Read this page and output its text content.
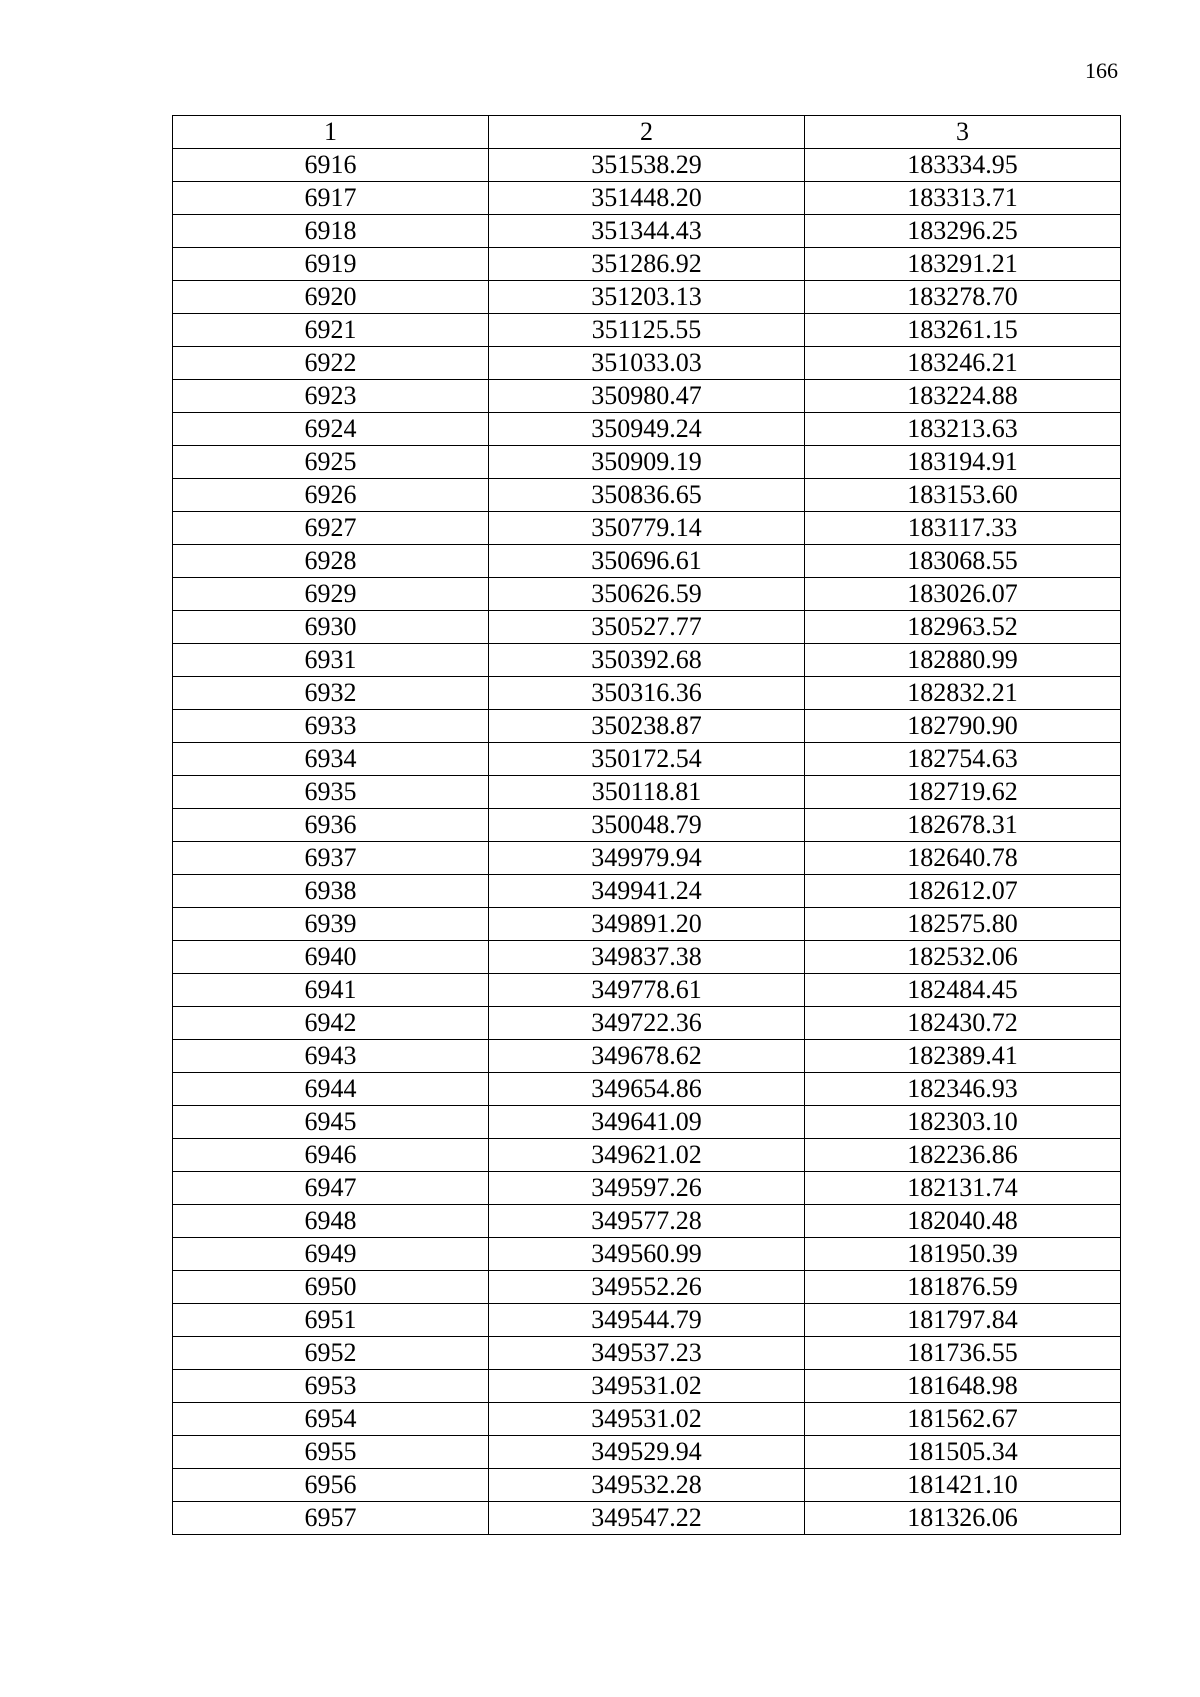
166
1	2	3
6916	351538.29	183334.95
6917	351448.20	183313.71
6918	351344.43	183296.25
6919	351286.92	183291.21
6920	351203.13	183278.70
6921	351125.55	183261.15
6922	351033.03	183246.21
6923	350980.47	183224.88
6924	350949.24	183213.63
6925	350909.19	183194.91
6926	350836.65	183153.60
6927	350779.14	183117.33
6928	350696.61	183068.55
6929	350626.59	183026.07
6930	350527.77	182963.52
6931	350392.68	182880.99
6932	350316.36	182832.21
6933	350238.87	182790.90
6934	350172.54	182754.63
6935	350118.81	182719.62
6936	350048.79	182678.31
6937	349979.94	182640.78
6938	349941.24	182612.07
6939	349891.20	182575.80
6940	349837.38	182532.06
6941	349778.61	182484.45
6942	349722.36	182430.72
6943	349678.62	182389.41
6944	349654.86	182346.93
6945	349641.09	182303.10
6946	349621.02	182236.86
6947	349597.26	182131.74
6948	349577.28	182040.48
6949	349560.99	181950.39
6950	349552.26	181876.59
6951	349544.79	181797.84
6952	349537.23	181736.55
6953	349531.02	181648.98
6954	349531.02	181562.67
6955	349529.94	181505.34
6956	349532.28	181421.10
6957	349547.22	181326.06
